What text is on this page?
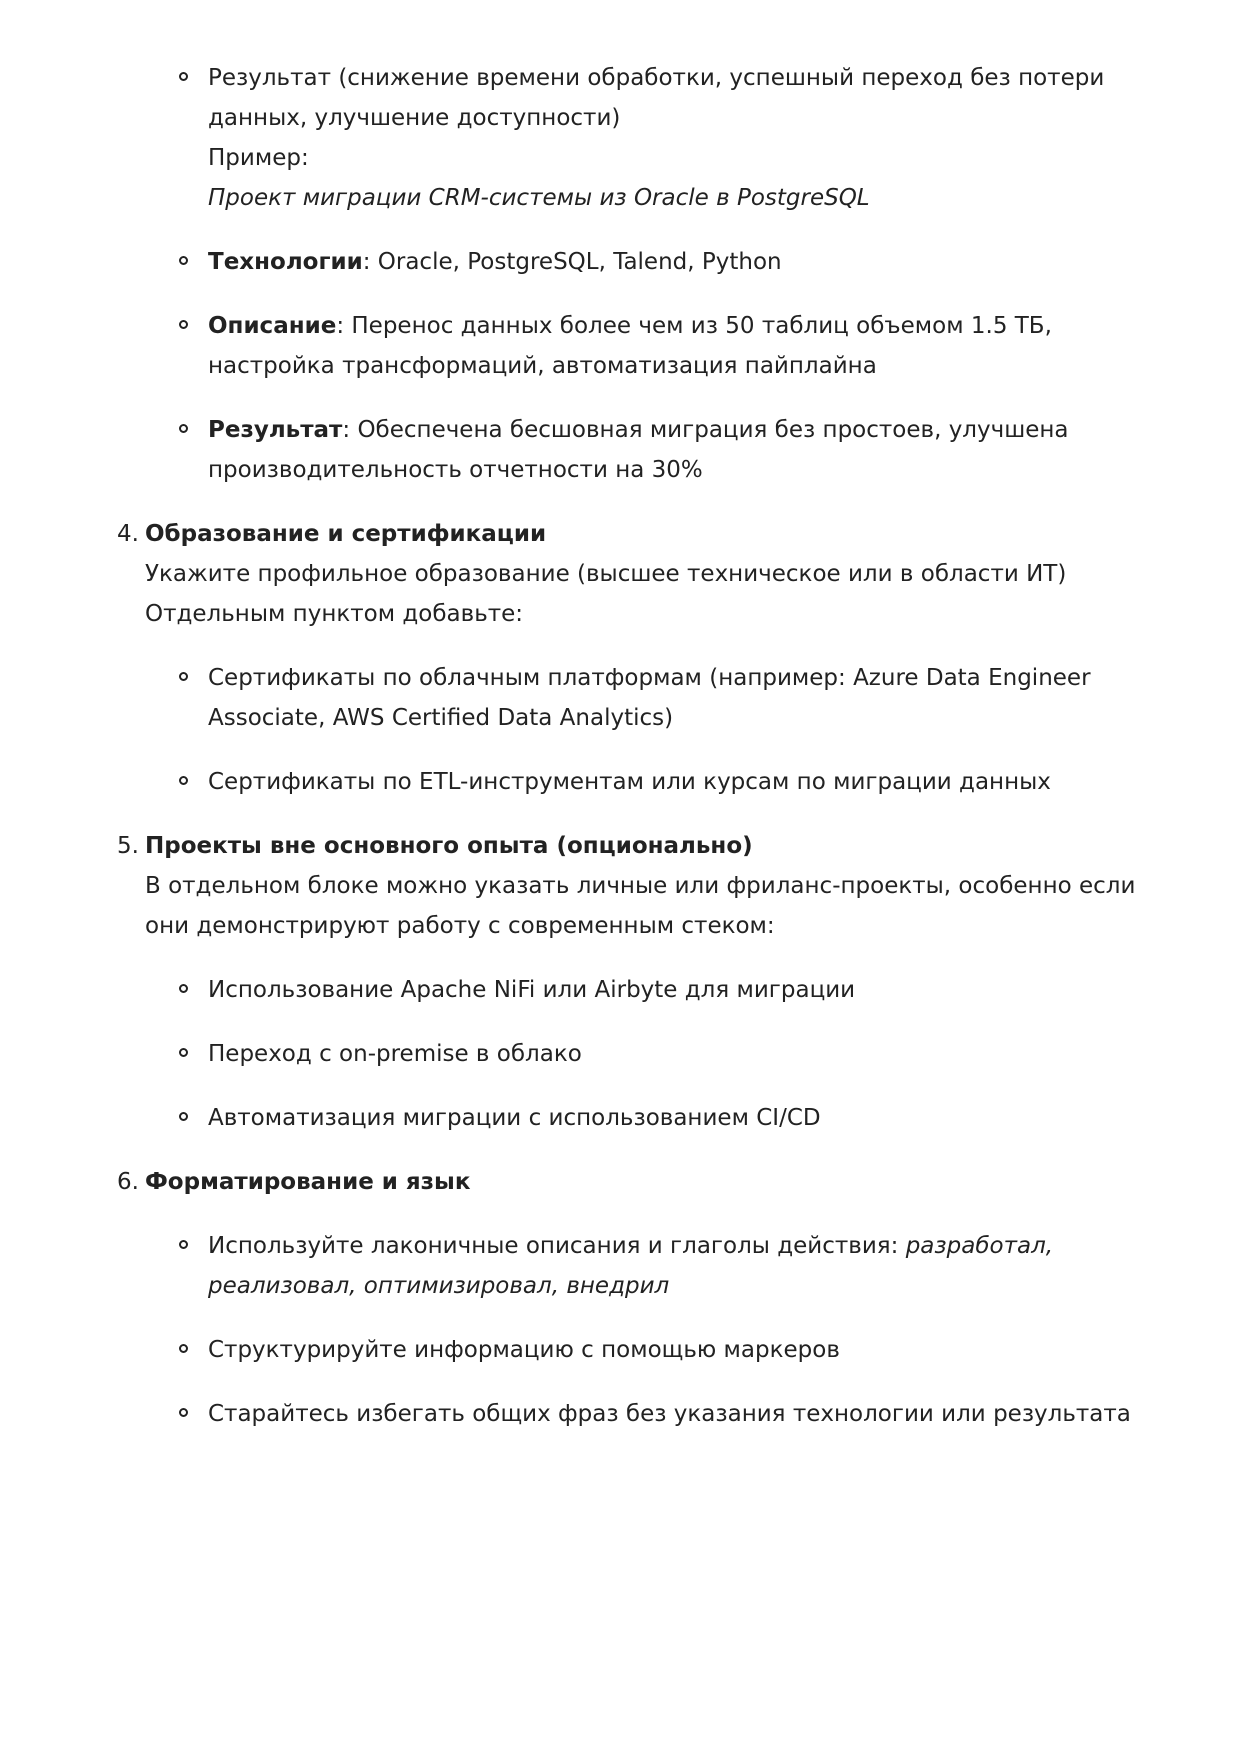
Результат (снижение времени обработки, успешный переход без потери данных, улучшение доступности)
Пример:
Проект миграции CRM-системы из Oracle в PostgreSQL
Технологии: Oracle, PostgreSQL, Talend, Python
Описание: Перенос данных более чем из 50 таблиц объемом 1.5 ТБ, настройка трансформаций, автоматизация пайплайна
Результат: Обеспечена бесшовная миграция без простоев, улучшена производительность отчетности на 30%
4. Образование и сертификации
Укажите профильное образование (высшее техническое или в области ИТ)
Отдельным пунктом добавьте:
Сертификаты по облачным платформам (например: Azure Data Engineer Associate, AWS Certified Data Analytics)
Сертификаты по ETL-инструментам или курсам по миграции данных
5. Проекты вне основного опыта (опционально)
В отдельном блоке можно указать личные или фриланс-проекты, особенно если они демонстрируют работу с современным стеком:
Использование Apache NiFi или Airbyte для миграции
Переход с on-premise в облако
Автоматизация миграции с использованием CI/CD
6. Форматирование и язык
Используйте лаконичные описания и глаголы действия: разработал, реализовал, оптимизировал, внедрил
Структурируйте информацию с помощью маркеров
Старайтесь избегать общих фраз без указания технологии или результата
